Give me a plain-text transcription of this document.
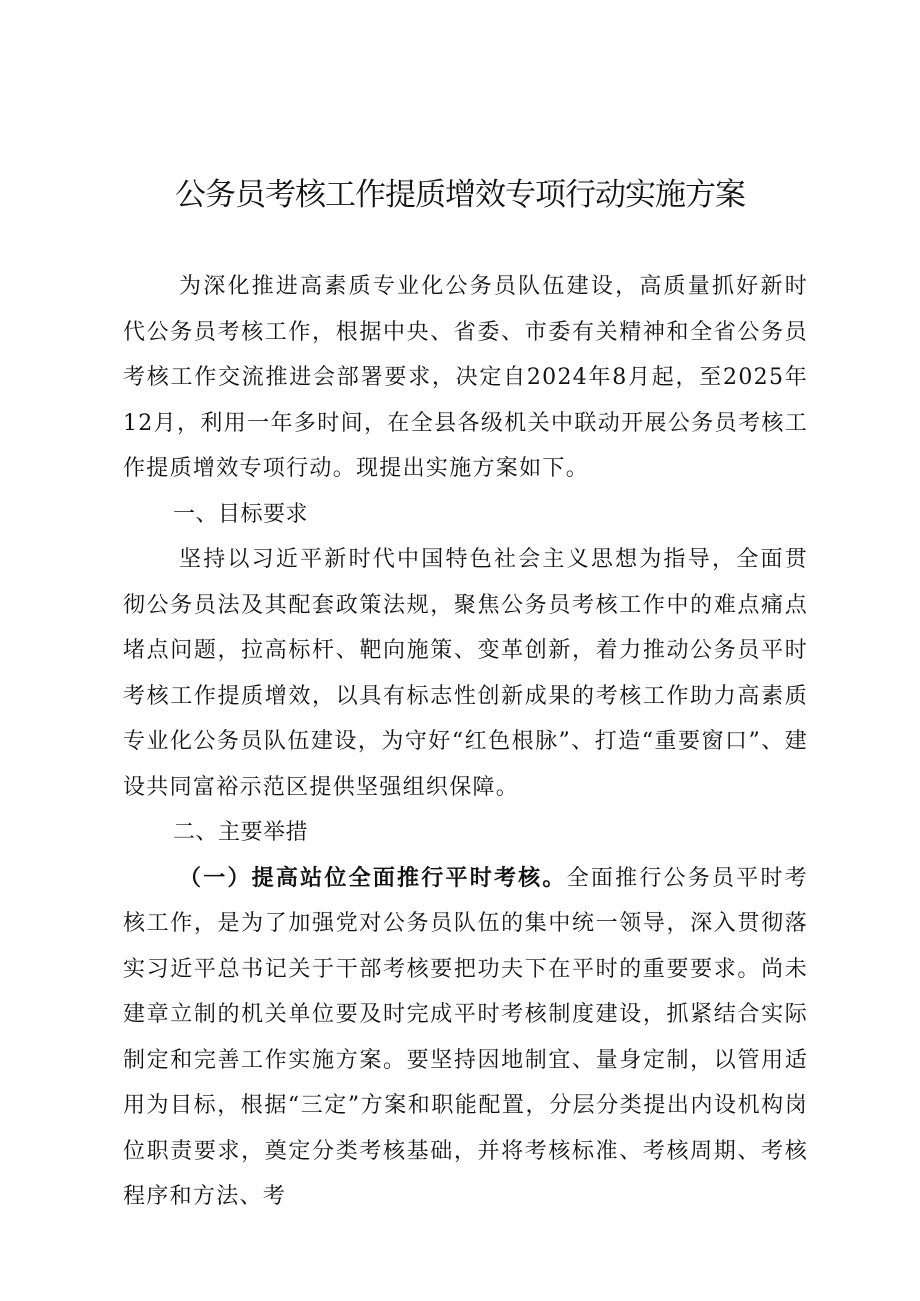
公务员考核工作提质增效专项行动实施方案

为深化推进高素质专业化公务员队伍建设，高质量抓好新时代公务员考核工作，根据中央、省委、市委有关精神和全省公务员考核工作交流推进会部署要求，决定自2024年8月起，至2025年12月，利用一年多时间，在全县各级机关中联动开展公务员考核工作提质增效专项行动。现提出实施方案如下。

一、目标要求

坚持以习近平新时代中国特色社会主义思想为指导，全面贯彻公务员法及其配套政策法规，聚焦公务员考核工作中的难点痛点堵点问题，拉高标杆、靶向施策、变革创新，着力推动公务员平时考核工作提质增效，以具有标志性创新成果的考核工作助力高素质专业化公务员队伍建设，为守好“红色根脉”、打造“重要窗口”、建设共同富裕示范区提供坚强组织保障。

二、主要举措

（一）提高站位全面推行平时考核。全面推行公务员平时考核工作，是为了加强党对公务员队伍的集中统一领导，深入贯彻落实习近平总书记关于干部考核要把功夫下在平时的重要要求。尚未建章立制的机关单位要及时完成平时考核制度建设，抓紧结合实际制定和完善工作实施方案。要坚持因地制宜、量身定制，以管用适用为目标，根据“三定”方案和职能配置，分层分类提出内设机构岗位职责要求，奠定分类考核基础，并将考核标准、考核周期、考核程序和方法、考
